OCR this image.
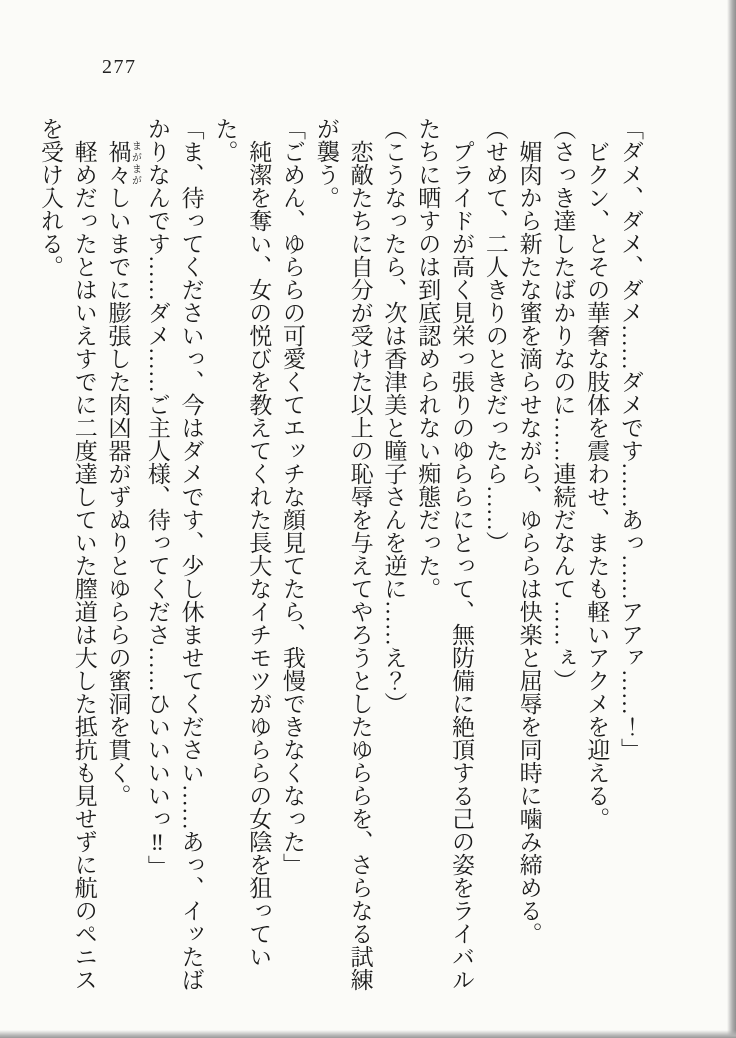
277

「ダメ、ダメ、ダメ……ダメです……あっ……アアァ……！」

ビクン、とその華奢な肢体を震わせ、またも軽いアクメを迎える。

（さっき達したばかりなのに……連続だなんて……ぇ）

媚肉から新たな蜜を滴らせながら、ゆららは快楽と屈辱を同時に噛み締める。

（せめて、二人きりのときだったら……）

プライドが高く見栄っ張りのゆららにとって、無防備に絶頂する己の姿をライバルたちに晒すのは到底認められない痴態だった。

（こうなったら、次は香津美と瞳子さんを逆に……え？）

恋敵たちに自分が受けた以上の恥辱を与えてやろうとしたゆららを、さらなる試練が襲う。

「ごめん、ゆららの可愛くてエッチな顔見てたら、我慢できなくなった」

純潔を奪い、女の悦びを教えてくれた長大なイチモツがゆららの女陰を狙っていた。

「ま、待ってくださいっ、今はダメです、少し休ませてください……あっ、イッたばかりなんです……ダメ……ご主人様、待ってくださ……ひいいいいっ‼」

禍々 まがまがしいまでに膨張した肉凶器がずぬりとゆららの蜜洞を貫く。

軽めだったとはいえすでに二度達していた膣道は大した抵抗も見せずに航のペニスを受け入れる。
